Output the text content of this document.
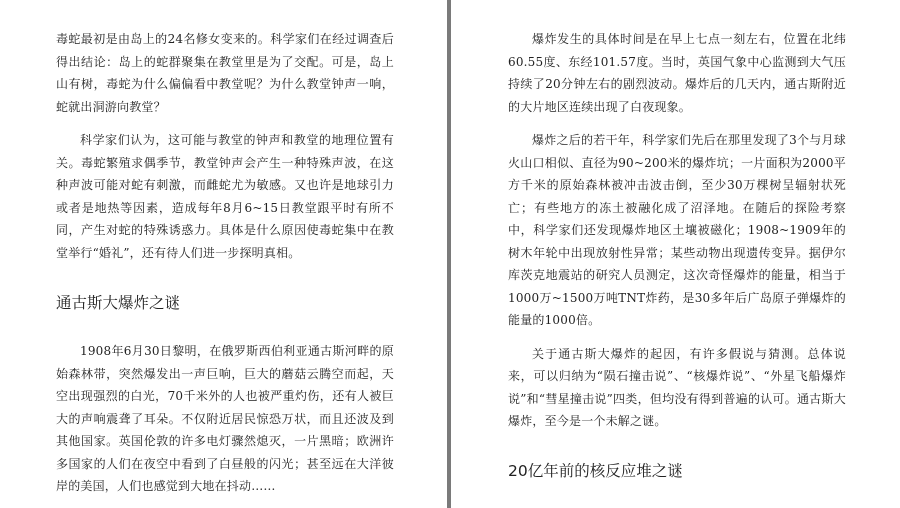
毒蛇最初是由岛上的24名修女变来的。科学家们在经过调查后得出结论：岛上的蛇群聚集在教堂里是为了交配。可是，岛上山有树，毒蛇为什么偏偏看中教堂呢？为什么教堂钟声一响，蛇就出洞游向教堂？

科学家们认为，这可能与教堂的钟声和教堂的地理位置有关。毒蛇繁殖求偶季节，教堂钟声会产生一种特殊声波，在这种声波可能对蛇有刺激，而雌蛇尤为敏感。又也许是地球引力或者是地热等因素，造成每年8月6~15日教堂跟平时有所不同，产生对蛇的特殊诱惑力。具体是什么原因使毒蛇集中在教堂举行“婚礼”，还有待人们进一步探明真相。

通古斯大爆炸之谜

1908年6月30日黎明，在俄罗斯西伯利亚通古斯河畔的原始森林带，突然爆发出一声巨响，巨大的蘑菇云腾空而起，天空出现强烈的白光，70千米外的人也被严重灼伤，还有人被巨大的声响震聋了耳朵。不仅附近居民惊恐万状，而且还波及到其他国家。英国伦敦的许多电灯骤然熄灭，一片黑暗；欧洲许多国家的人们在夜空中看到了白昼般的闪光；甚至远在大洋彼岸的美国，人们也感觉到大地在抖动……

爆炸发生的具体时间是在早上七点一刻左右，位置在北纬60.55度、东经101.57度。当时，英国气象中心监测到大气压持续了20分钟左右的剧烈波动。爆炸后的几天内，通古斯附近的大片地区连续出现了白夜现象。

爆炸之后的若干年，科学家们先后在那里发现了3个与月球火山口相似、直径为90~200米的爆炸坑；一片面积为2000平方千米的原始森林被冲击波击倒，至少30万棵树呈辐射状死亡；有些地方的冻土被融化成了沼泽地。在随后的探险考察中，科学家们还发现爆炸地区土壤被磁化；1908~1909年的树木年轮中出现放射性异常；某些动物出现遗传变异。据伊尔库茨克地震站的研究人员测定，这次奇怪爆炸的能量，相当于1000万~1500万吨TNT炸药，是30多年后广岛原子弹爆炸的能量的1000倍。

关于通古斯大爆炸的起因，有许多假说与猜测。总体说来，可以归纳为“陨石撞击说”、“核爆炸说”、“外星飞船爆炸说”和“彗星撞击说”四类，但均没有得到普遍的认可。通古斯大爆炸，至今是一个未解之谜。

20亿年前的核反应堆之谜
